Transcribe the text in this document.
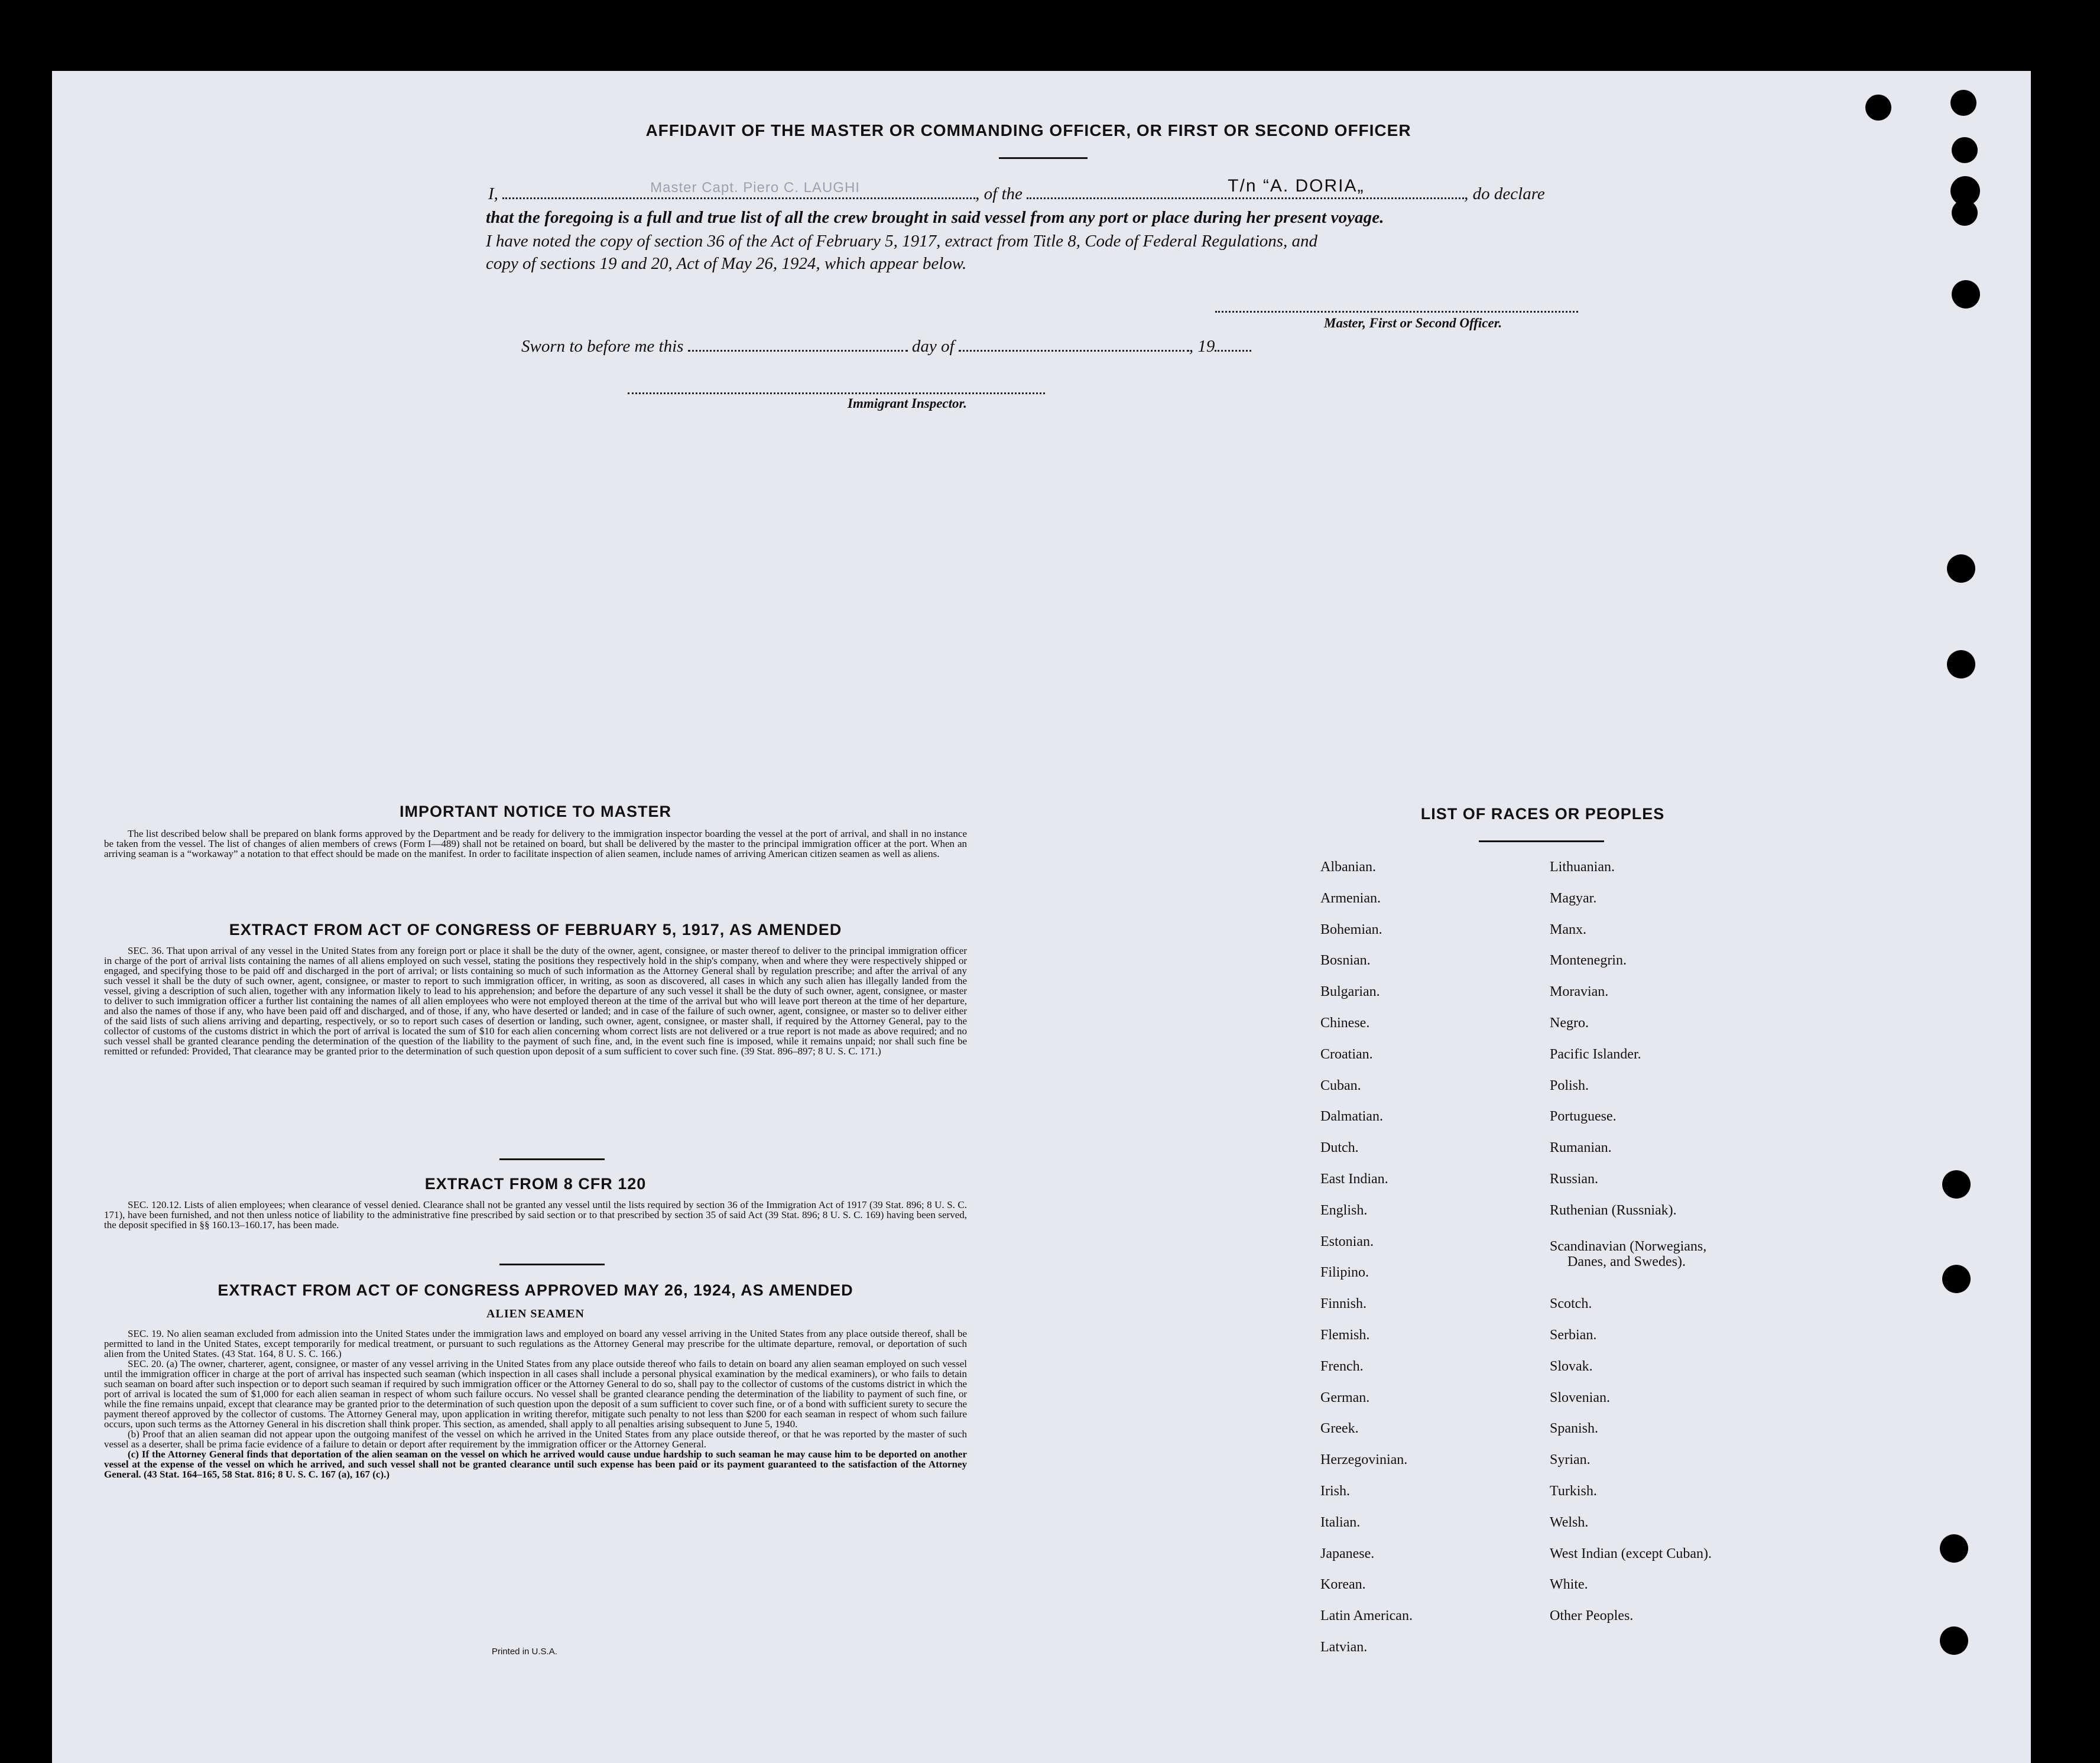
AFFIDAVIT OF THE MASTER OR COMMANDING OFFICER, OR FIRST OR SECOND OFFICER
I,	Master Capt. Piero C. LAUGHI	, of the	T/n “A. DORIA„	, do declare
that the foregoing is a full and true list of all the crew brought in said vessel from any port or place during her present voyage.
I have noted the copy of section 36 of the Act of February 5, 1917, extract from Title 8, Code of Federal Regulations, and
copy of sections 19 and 20, Act of May 26, 1924, which appear below.
Master, First or Second Officer.
Sworn to before me this	day of	, 19
Immigrant Inspector.
IMPORTANT NOTICE TO MASTER
The list described below shall be prepared on blank forms approved by the Department and be ready for delivery to the immigration inspector boarding the vessel at the port of arrival, and shall in no instance be taken from the vessel. The list of changes of alien members of crews (Form I—489) shall not be retained on board, but shall be delivered by the master to the principal immigration officer at the port. When an arriving seaman is a “workaway” a notation to that effect should be made on the manifest. In order to facilitate inspection of alien seamen, include names of arriving American citizen seamen as well as aliens.
EXTRACT FROM ACT OF CONGRESS OF FEBRUARY 5, 1917, AS AMENDED
SEC. 36. That upon arrival of any vessel in the United States from any foreign port or place it shall be the duty of the owner, agent, consignee, or master thereof to deliver to the principal immigration officer in charge of the port of arrival lists containing the names of all aliens employed on such vessel, stating the positions they respectively hold in the ship's company, when and where they were respectively shipped or engaged, and specifying those to be paid off and discharged in the port of arrival; or lists containing so much of such information as the Attorney General shall by regulation prescribe; and after the arrival of any such vessel it shall be the duty of such owner, agent, consignee, or master to report to such immigration officer, in writing, as soon as discovered, all cases in which any such alien has illegally landed from the vessel, giving a description of such alien, together with any information likely to lead to his apprehension; and before the departure of any such vessel it shall be the duty of such owner, agent, consignee, or master to deliver to such immigration officer a further list containing the names of all alien employees who were not employed thereon at the time of the arrival but who will leave port thereon at the time of her departure, and also the names of those if any, who have been paid off and discharged, and of those, if any, who have deserted or landed; and in case of the failure of such owner, agent, consignee, or master so to deliver either of the said lists of such aliens arriving and departing, respectively, or so to report such cases of desertion or landing, such owner, agent, consignee, or master shall, if required by the Attorney General, pay to the collector of customs of the customs district in which the port of arrival is located the sum of $10 for each alien concerning whom correct lists are not delivered or a true report is not made as above required; and no such vessel shall be granted clearance pending the determination of the question of the liability to the payment of such fine, and, in the event such fine is imposed, while it remains unpaid; nor shall such fine be remitted or refunded: Provided, That clearance may be granted prior to the determination of such question upon deposit of a sum sufficient to cover such fine. (39 Stat. 896–897; 8 U. S. C. 171.)
EXTRACT FROM 8 CFR 120
SEC. 120.12. Lists of alien employees; when clearance of vessel denied. Clearance shall not be granted any vessel until the lists required by section 36 of the Immigration Act of 1917 (39 Stat. 896; 8 U. S. C. 171), have been furnished, and not then unless notice of liability to the administrative fine prescribed by said section or to that prescribed by section 35 of said Act (39 Stat. 896; 8 U. S. C. 169) having been served, the deposit specified in §§ 160.13–160.17, has been made.
EXTRACT FROM ACT OF CONGRESS APPROVED MAY 26, 1924, AS AMENDED
ALIEN SEAMEN
SEC. 19. No alien seaman excluded from admission into the United States under the immigration laws and employed on board any vessel arriving in the United States from any place outside thereof, shall be permitted to land in the United States, except temporarily for medical treatment, or pursuant to such regulations as the Attorney General may prescribe for the ultimate departure, removal, or deportation of such alien from the United States. (43 Stat. 164, 8 U. S. C. 166.)
SEC. 20. (a) The owner, charterer, agent, consignee, or master of any vessel arriving in the United States from any place outside thereof who fails to detain on board any alien seaman employed on such vessel until the immigration officer in charge at the port of arrival has inspected such seaman (which inspection in all cases shall include a personal physical examination by the medical examiners), or who fails to detain such seaman on board after such inspection or to deport such seaman if required by such immigration officer or the Attorney General to do so, shall pay to the collector of customs of the customs district in which the port of arrival is located the sum of $1,000 for each alien seaman in respect of whom such failure occurs. No vessel shall be granted clearance pending the determination of the liability to payment of such fine, or while the fine remains unpaid, except that clearance may be granted prior to the determination of such question upon the deposit of a sum sufficient to cover such fine, or of a bond with sufficient surety to secure the payment thereof approved by the collector of customs. The Attorney General may, upon application in writing therefor, mitigate such penalty to not less than $200 for each seaman in respect of whom such failure occurs, upon such terms as the Attorney General in his discretion shall think proper. This section, as amended, shall apply to all penalties arising subsequent to June 5, 1940.
(b) Proof that an alien seaman did not appear upon the outgoing manifest of the vessel on which he arrived in the United States from any place outside thereof, or that he was reported by the master of such vessel as a deserter, shall be prima facie evidence of a failure to detain or deport after requirement by the immigration officer or the Attorney General.
(c) If the Attorney General finds that deportation of the alien seaman on the vessel on which he arrived would cause undue hardship to such seaman he may cause him to be deported on another vessel at the expense of the vessel on which he arrived, and such vessel shall not be granted clearance until such expense has been paid or its payment guaranteed to the satisfaction of the Attorney General. (43 Stat. 164–165, 58 Stat. 816; 8 U. S. C. 167 (a), 167 (c).)
Printed in U.S.A.
LIST OF RACES OR PEOPLES
Albanian.
Armenian.
Bohemian.
Bosnian.
Bulgarian.
Chinese.
Croatian.
Cuban.
Dalmatian.
Dutch.
East Indian.
English.
Estonian.
Filipino.
Finnish.
Flemish.
French.
German.
Greek.
Herzegovinian.
Irish.
Italian.
Japanese.
Korean.
Latin American.
Latvian.
Lithuanian.
Magyar.
Manx.
Montenegrin.
Moravian.
Negro.
Pacific Islander.
Polish.
Portuguese.
Rumanian.
Russian.
Ruthenian (Russniak).
Scandinavian (Norwegians,
Danes, and Swedes).
Scotch.
Serbian.
Slovak.
Slovenian.
Spanish.
Syrian.
Turkish.
Welsh.
West Indian (except Cuban).
White.
Other Peoples.
